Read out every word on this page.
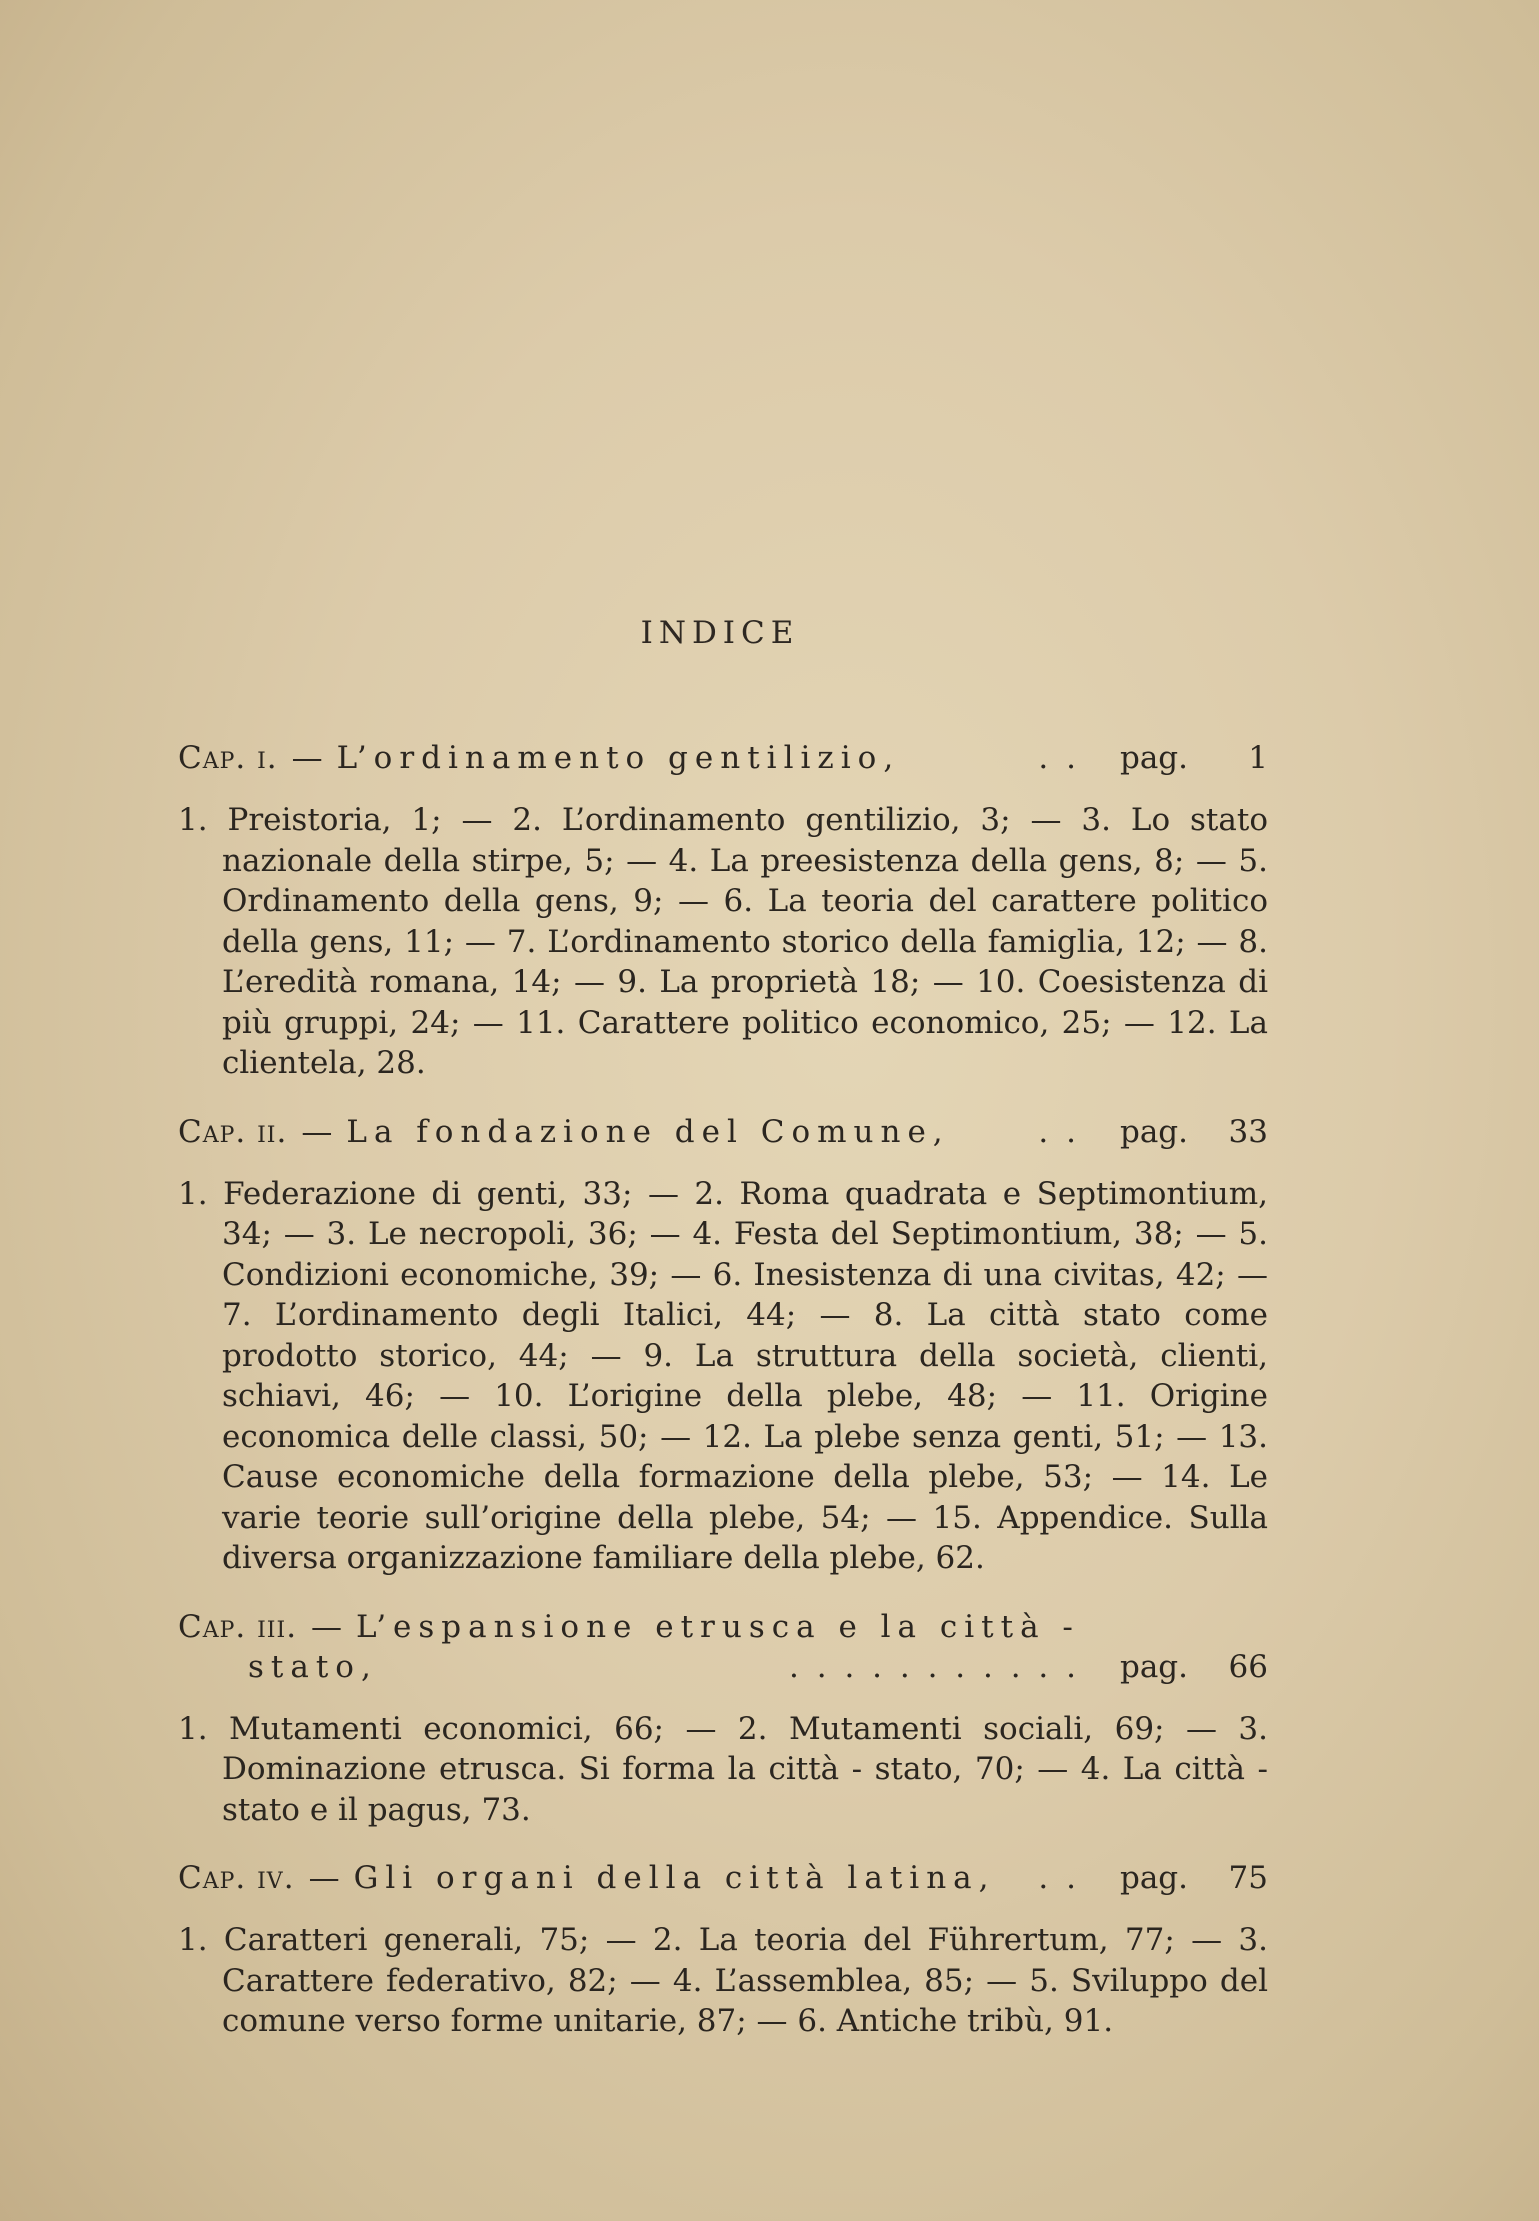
INDICE
Cap. i. — L’ordinamento gentilizio,	. .	pag.	1
1. Preistoria, 1; — 2. L’ordinamento gentilizio, 3; — 3. Lo stato nazionale della stirpe, 5; — 4. La preesistenza della gens, 8; — 5. Ordinamento della gens, 9; — 6. La teoria del carattere politico della gens, 11; — 7. L’ordinamento storico della famiglia, 12; — 8. L’eredità romana, 14; — 9. La proprietà 18; — 10. Coesistenza di più gruppi, 24; — 11. Carattere politico economico, 25; — 12. La clientela, 28.
Cap. ii. — La fondazione del Comune,	. .	pag. 33
1. Federazione di genti, 33; — 2. Roma quadrata e Septimontium, 34; — 3. Le necropoli, 36; — 4. Festa del Septimontium, 38; — 5. Condizioni economiche, 39; — 6. Inesistenza di una civitas, 42; — 7. L’ordinamento degli Italici, 44; — 8. La città stato come prodotto storico, 44; — 9. La struttura della società, clienti, schiavi, 46; — 10. L’origine della plebe, 48; — 11. Origine economica delle classi, 50; — 12. La plebe senza genti, 51; — 13. Cause economiche della formazione della plebe, 53; — 14. Le varie teorie sull’origine della plebe, 54; — 15. Appendice. Sulla diversa organizzazione familiare della plebe, 62.
Cap. iii. — L’espansione etrusca e la città -
stato,	. . . . . . . . . . .	pag. 66
1. Mutamenti economici, 66; — 2. Mutamenti sociali, 69; — 3. Dominazione etrusca. Si forma la città - stato, 70; — 4. La città - stato e il pagus, 73.
Cap. iv. — Gli organi della città latina,	. .	pag. 75
1. Caratteri generali, 75; — 2. La teoria del Führertum, 77; — 3. Carattere federativo, 82; — 4. L’assemblea, 85; — 5. Sviluppo del comune verso forme unitarie, 87; — 6. Antiche tribù, 91.
